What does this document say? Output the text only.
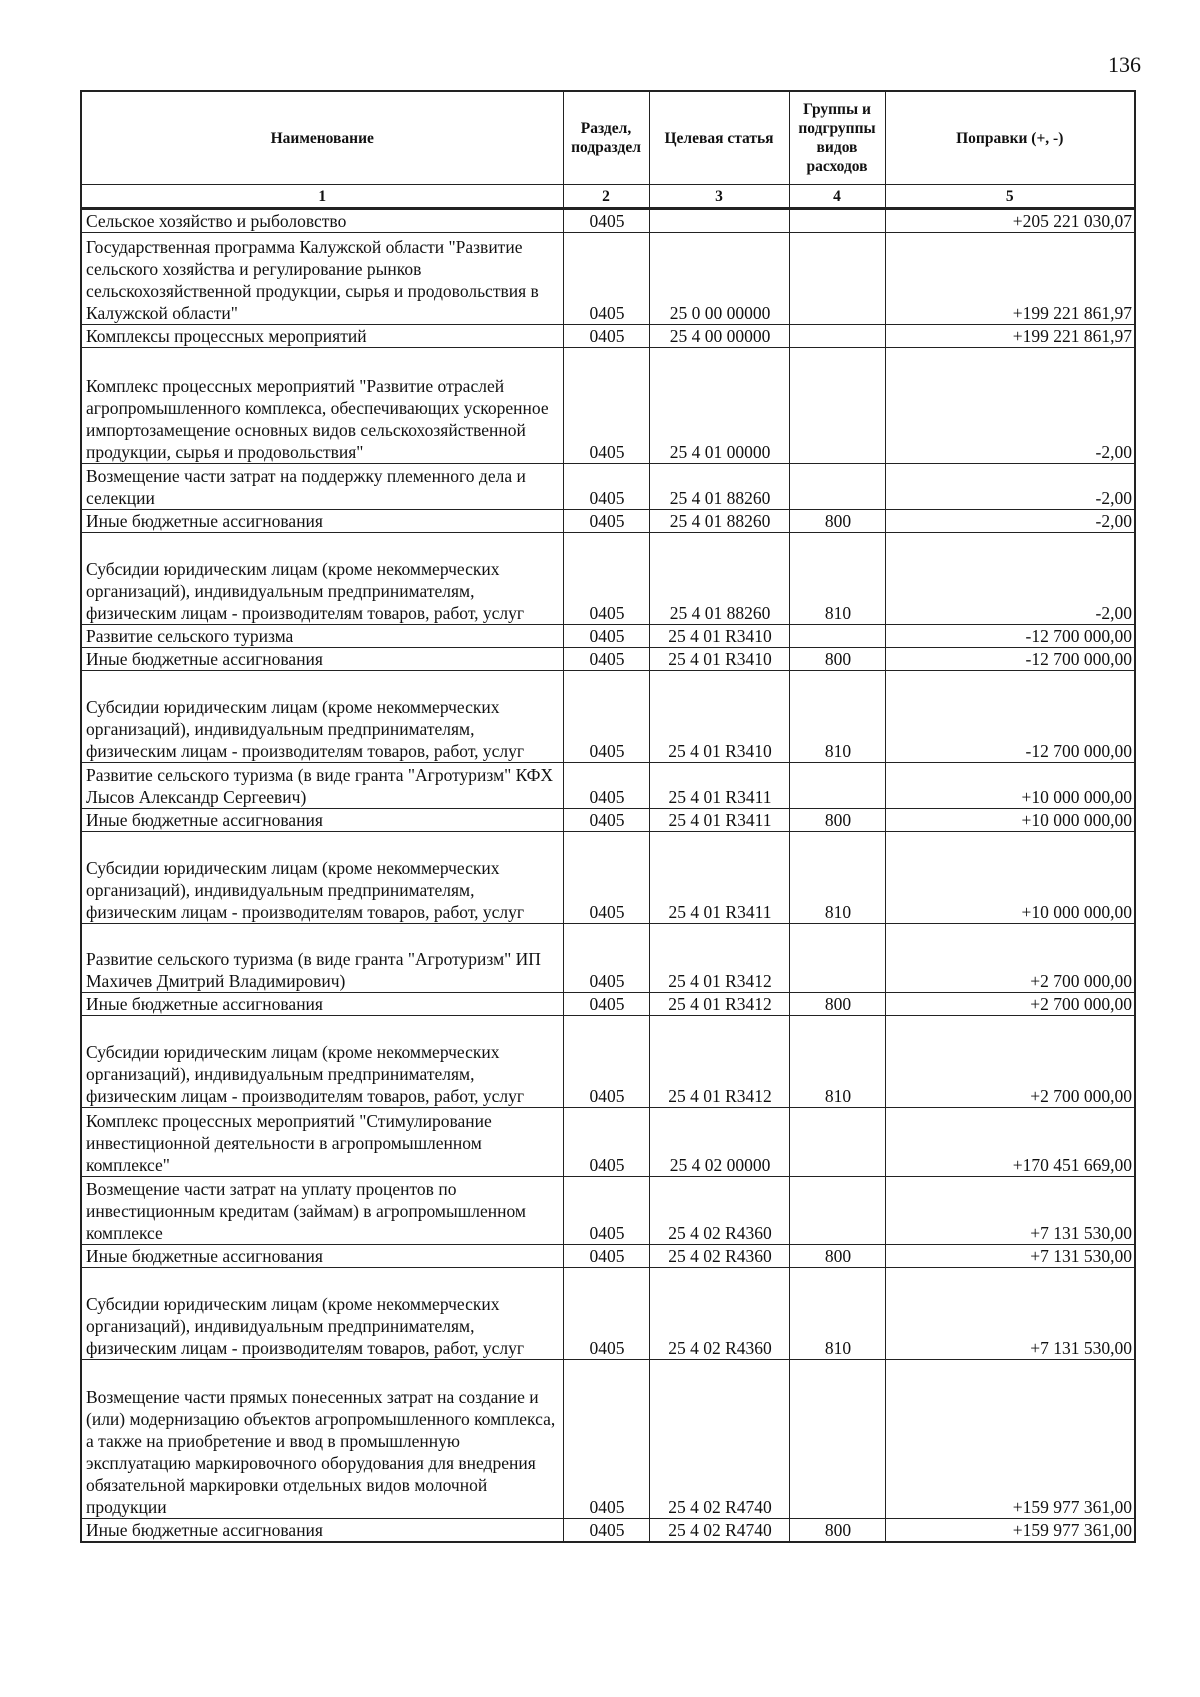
136
Наименование	Раздел, подраздел	Целевая статья	Группы и подгруппы видов расходов	Поправки (+, -)
1	2	3	4	5
Сельское хозяйство и рыболовство	0405			+205 221 030,07
Государственная программа Калужской области "Развитие сельского хозяйства и регулирование рынков сельскохозяйственной продукции, сырья и продовольствия в Калужской области"	0405	25 0 00 00000		+199 221 861,97
Комплексы процессных мероприятий	0405	25 4 00 00000		+199 221 861,97
Комплекс процессных мероприятий "Развитие отраслей агропромышленного комплекса, обеспечивающих ускоренное импортозамещение основных видов сельскохозяйственной продукции, сырья и продовольствия"	0405	25 4 01 00000		-2,00
Возмещение части затрат на поддержку племенного дела и селекции	0405	25 4 01 88260		-2,00
Иные бюджетные ассигнования	0405	25 4 01 88260	800	-2,00
Субсидии юридическим лицам (кроме некоммерческих организаций), индивидуальным предпринимателям, физическим лицам - производителям товаров, работ, услуг	0405	25 4 01 88260	810	-2,00
Развитие сельского туризма	0405	25 4 01 R3410		-12 700 000,00
Иные бюджетные ассигнования	0405	25 4 01 R3410	800	-12 700 000,00
Субсидии юридическим лицам (кроме некоммерческих организаций), индивидуальным предпринимателям, физическим лицам - производителям товаров, работ, услуг	0405	25 4 01 R3410	810	-12 700 000,00
Развитие сельского туризма (в виде гранта "Агротуризм" КФХ Лысов Александр Сергеевич)	0405	25 4 01 R3411		+10 000 000,00
Иные бюджетные ассигнования	0405	25 4 01 R3411	800	+10 000 000,00
Субсидии юридическим лицам (кроме некоммерческих организаций), индивидуальным предпринимателям, физическим лицам - производителям товаров, работ, услуг	0405	25 4 01 R3411	810	+10 000 000,00
Развитие сельского туризма (в виде гранта "Агротуризм" ИП Махичев Дмитрий Владимирович)	0405	25 4 01 R3412		+2 700 000,00
Иные бюджетные ассигнования	0405	25 4 01 R3412	800	+2 700 000,00
Субсидии юридическим лицам (кроме некоммерческих организаций), индивидуальным предпринимателям, физическим лицам - производителям товаров, работ, услуг	0405	25 4 01 R3412	810	+2 700 000,00
Комплекс процессных мероприятий "Стимулирование инвестиционной деятельности в агропромышленном комплексе"	0405	25 4 02 00000		+170 451 669,00
Возмещение части затрат на уплату процентов по инвестиционным кредитам (займам) в агропромышленном комплексе	0405	25 4 02 R4360		+7 131 530,00
Иные бюджетные ассигнования	0405	25 4 02 R4360	800	+7 131 530,00
Субсидии юридическим лицам (кроме некоммерческих организаций), индивидуальным предпринимателям, физическим лицам - производителям товаров, работ, услуг	0405	25 4 02 R4360	810	+7 131 530,00
Возмещение части прямых понесенных затрат на создание и (или) модернизацию объектов агропромышленного комплекса, а также на приобретение и ввод в промышленную эксплуатацию маркировочного оборудования для внедрения обязательной маркировки отдельных видов молочной продукции	0405	25 4 02 R4740		+159 977 361,00
Иные бюджетные ассигнования	0405	25 4 02 R4740	800	+159 977 361,00
